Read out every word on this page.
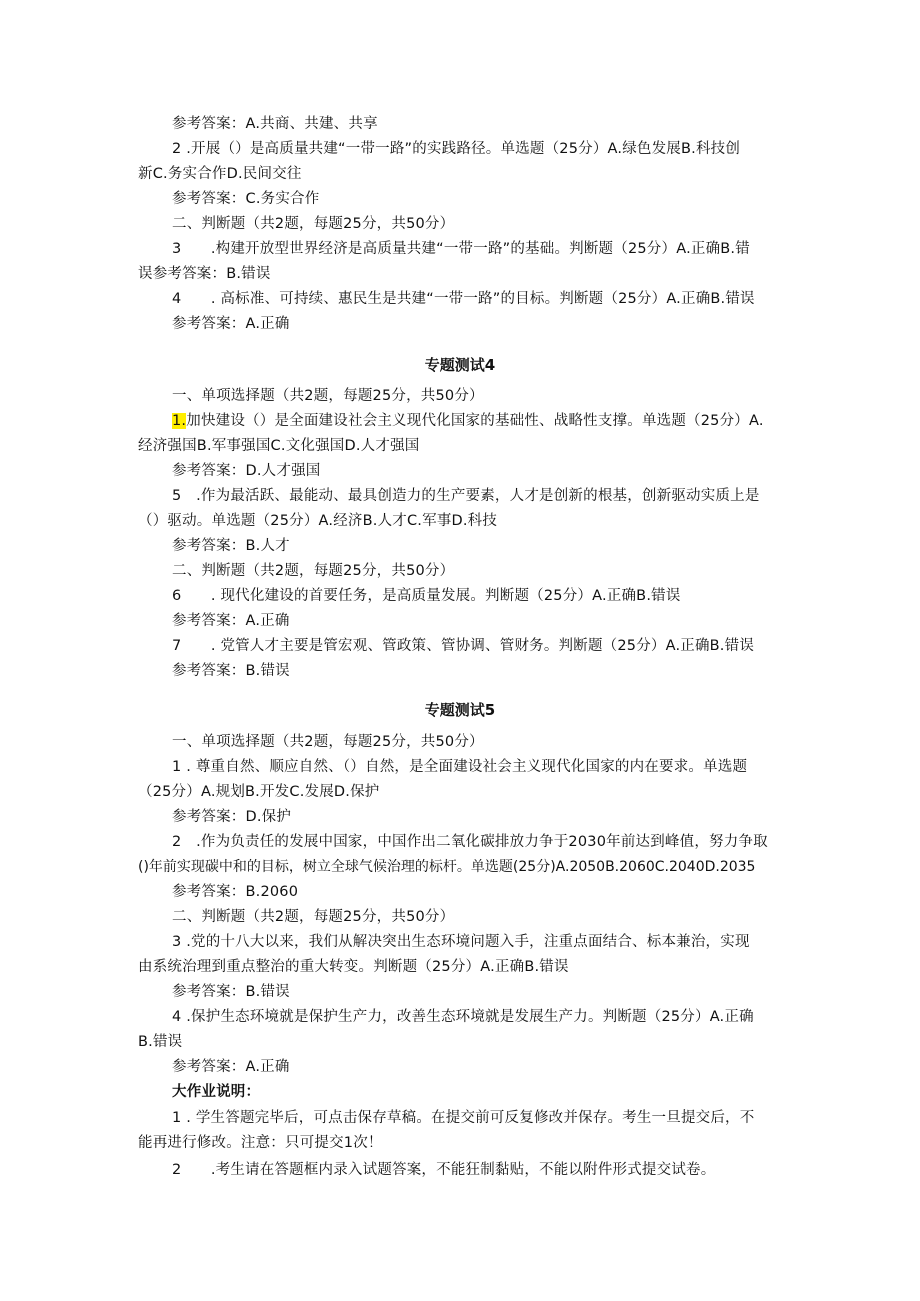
参考答案：A.共商、共建、共享
2 .开展（）是高质量共建“一带一路”的实践路径。单选题（25分）A.绿色发展B.科技创
新C.务实合作D.民间交往
参考答案：C.务实合作
二、判断题（共2题，每题25分，共50分）
3　　.构建开放型世界经济是高质量共建“一带一路”的基础。判断题（25分）A.正确B.错
误参考答案：B.错误
4　　. 高标准、可持续、惠民生是共建“一带一路”的目标。判断题（25分）A.正确B.错误
参考答案：A.正确
专题测试4
一、单项选择题（共2题，每题25分，共50分）
1.加快建设（）是全面建设社会主义现代化国家的基础性、战略性支撑。单选题（25分）A.
经济强国B.军事强国C.文化强国D.人才强国
参考答案：D.人才强国
5　.作为最活跃、最能动、最具创造力的生产要素，人才是创新的根基，创新驱动实质上是
（）驱动。单选题（25分）A.经济B.人才C.军事D.科技
参考答案：B.人才
二、判断题（共2题，每题25分，共50分）
6　　. 现代化建设的首要任务，是高质量发展。判断题（25分）A.正确B.错误
参考答案：A.正确
7　　. 党管人才主要是管宏观、管政策、管协调、管财务。判断题（25分）A.正确B.错误
参考答案：B.错误
专题测试5
一、单项选择题（共2题，每题25分，共50分）
1 . 尊重自然、顺应自然、（）自然，是全面建设社会主义现代化国家的内在要求。单选题
（25分）A.规划B.开发C.发展D.保护
参考答案：D.保护
2　.作为负责任的发展中国家，中国作出二氧化碳排放力争于2030年前达到峰值，努力争取
()年前实现碳中和的目标，树立全球气候治理的标杆。单选题(25分)A.2050B.2060C.2040D.2035
参考答案：B.2060
二、判断题（共2题，每题25分，共50分）
3 .党的十八大以来，我们从解决突出生态环境问题入手，注重点面结合、标本兼治，实现
由系统治理到重点整治的重大转变。判断题（25分）A.正确B.错误
参考答案：B.错误
4 .保护生态环境就是保护生产力，改善生态环境就是发展生产力。判断题（25分）A.正确
B.错误
参考答案：A.正确
大作业说明：
1 . 学生答题完毕后，可点击保存草稿。在提交前可反复修改并保存。考生一旦提交后，不
能再进行修改。注意：只可提交1次！
2　　.考生请在答题框内录入试题答案，不能狂制黏贴，不能以附件形式提交试卷。
